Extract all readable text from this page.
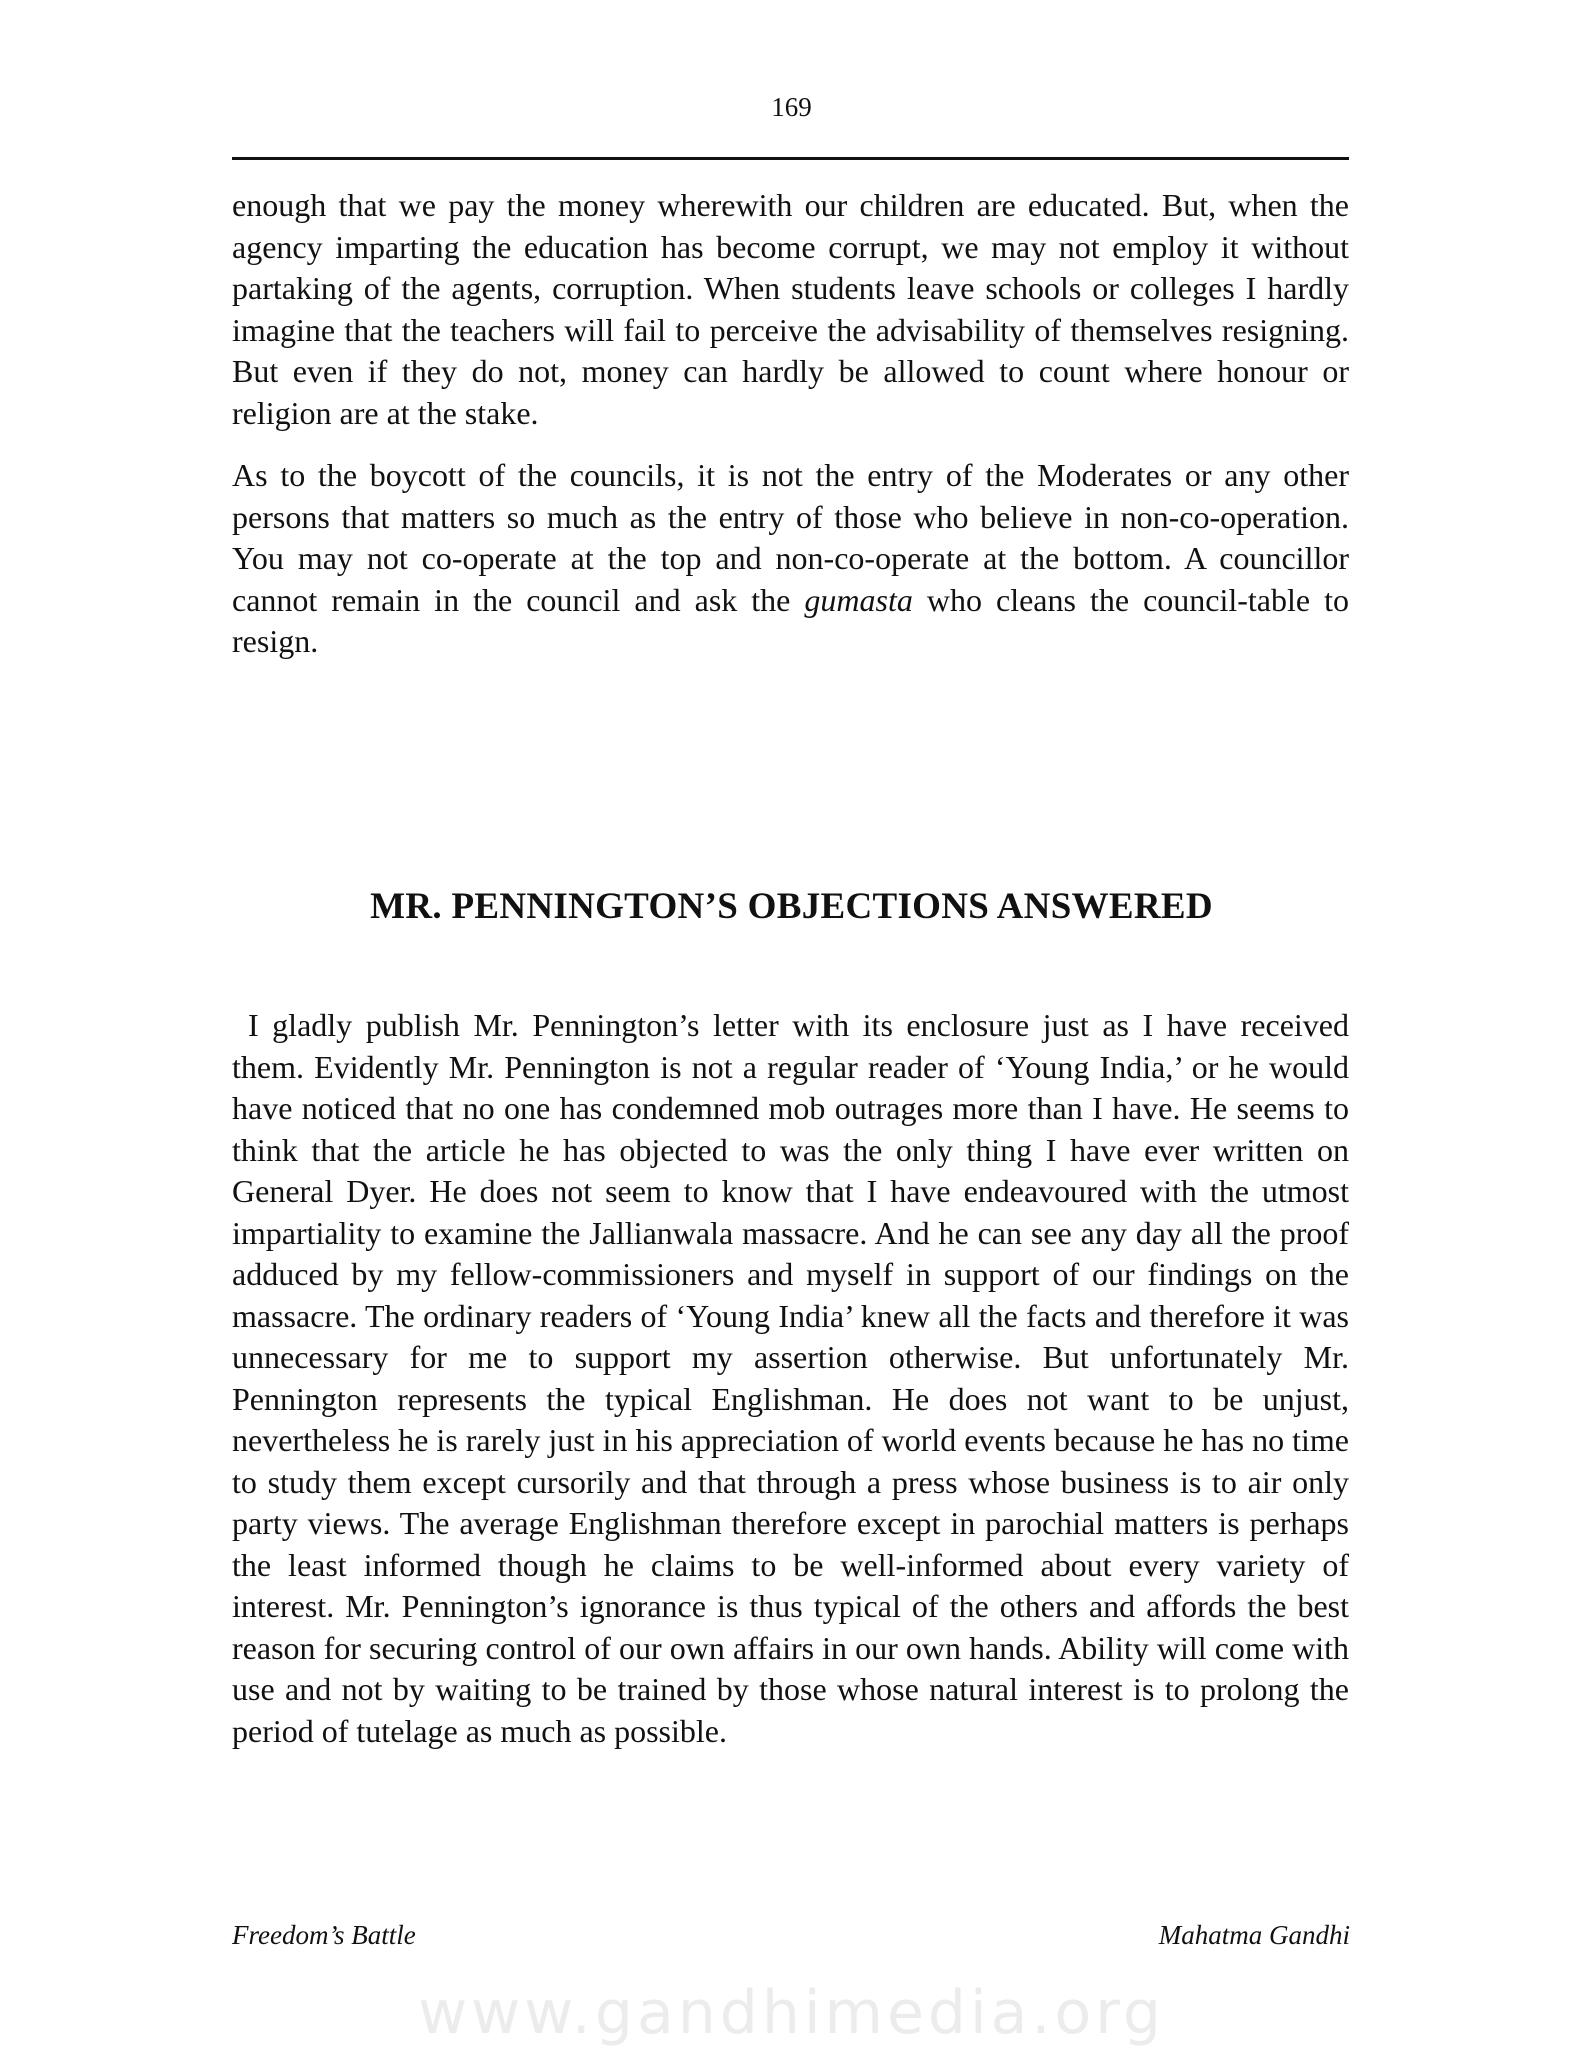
169

enough that we pay the money wherewith our children are educated. But, when the agency imparting the education has become corrupt, we may not employ it without partaking of the agents, corruption. When students leave schools or colleges I hardly imagine that the teachers will fail to perceive the advisability of themselves resigning. But even if they do not, money can hardly be allowed to count where honour or religion are at the stake.

As to the boycott of the councils, it is not the entry of the Moderates or any other persons that matters so much as the entry of those who believe in non-co-operation. You may not co-operate at the top and non-co-operate at the bottom. A councillor cannot remain in the council and ask the gumasta who cleans the council-table to resign.

MR. PENNINGTON’S OBJECTIONS ANSWERED

I gladly publish Mr. Pennington’s letter with its enclosure just as I have received them. Evidently Mr. Pennington is not a regular reader of ‘Young India,’ or he would have noticed that no one has condemned mob outrages more than I have. He seems to think that the article he has objected to was the only thing I have ever written on General Dyer. He does not seem to know that I have endeavoured with the utmost impartiality to examine the Jallianwala massacre. And he can see any day all the proof adduced by my fellow-commissioners and myself in support of our findings on the massacre. The ordinary readers of ‘Young India’ knew all the facts and therefore it was unnecessary for me to support my assertion otherwise. But unfortunately Mr. Pennington represents the typical Englishman. He does not want to be unjust, nevertheless he is rarely just in his appreciation of world events because he has no time to study them except cursorily and that through a press whose business is to air only party views. The average Englishman therefore except in parochial matters is perhaps the least informed though he claims to be well-informed about every variety of interest. Mr. Pennington’s ignorance is thus typical of the others and affords the best reason for securing control of our own affairs in our own hands. Ability will come with use and not by waiting to be trained by those whose natural interest is to prolong the period of tutelage as much as possible.

Freedom’s Battle	Mahatma Gandhi
www.gandhimedia.org
